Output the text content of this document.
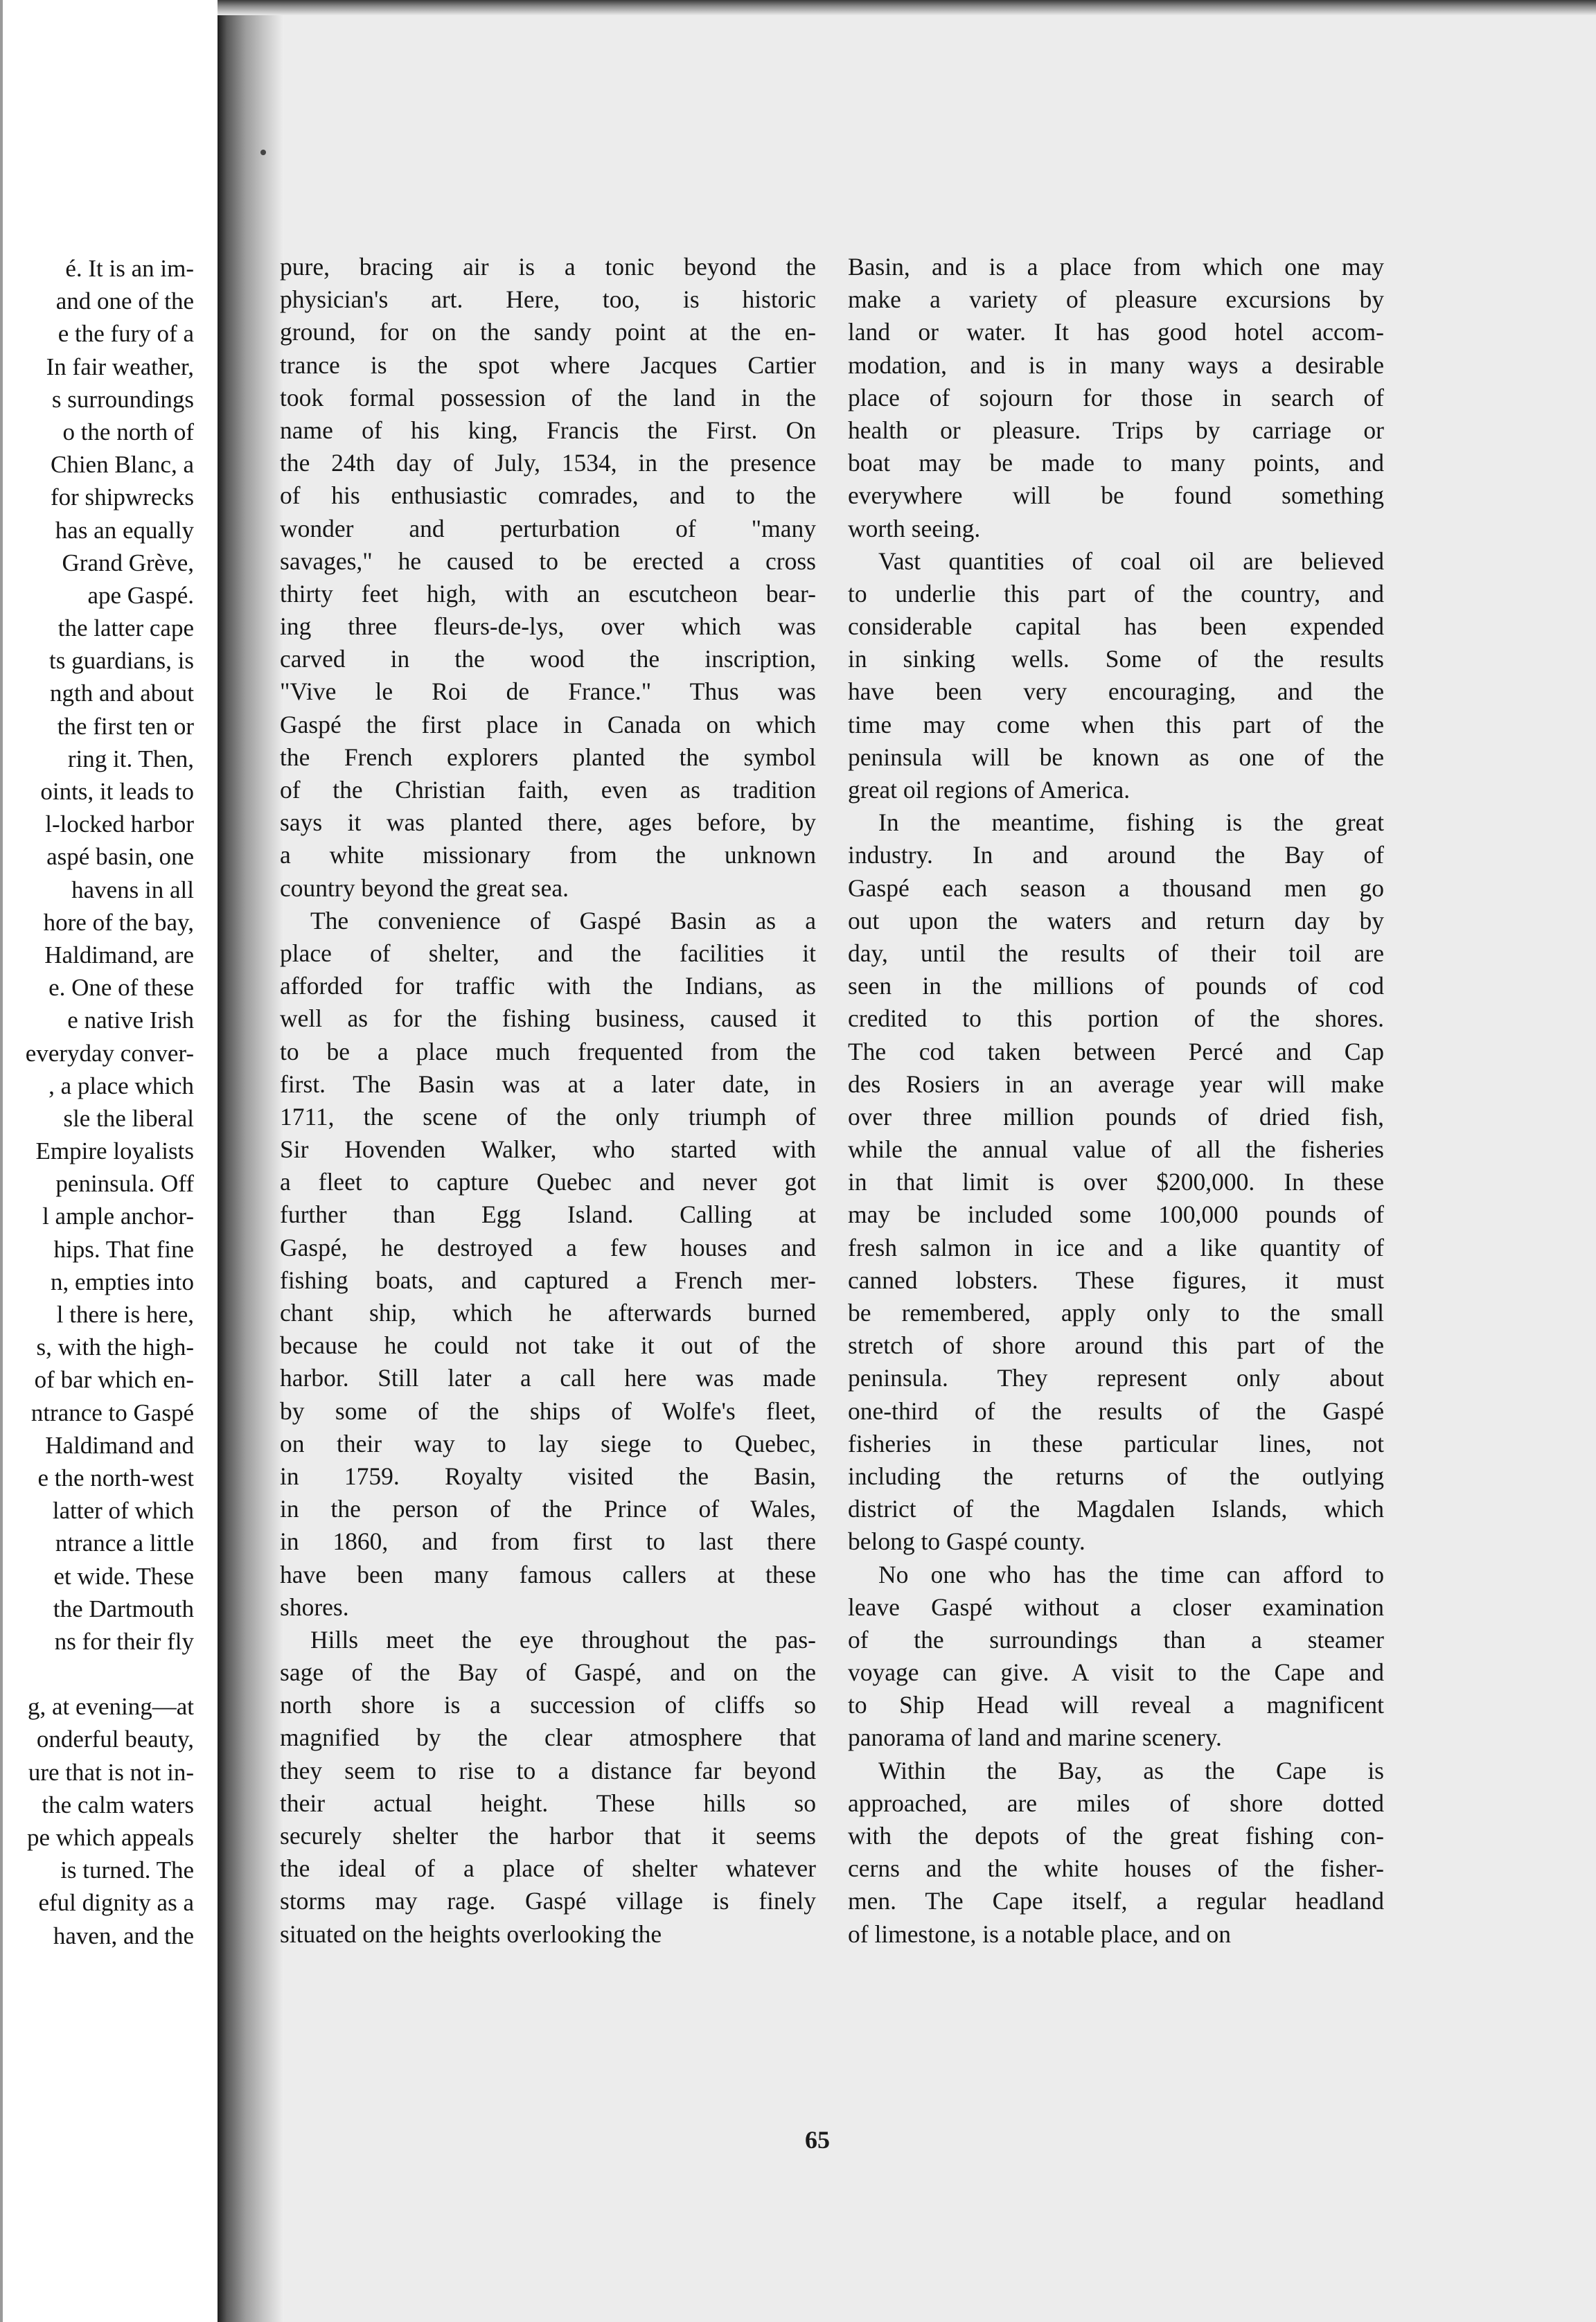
é. It is an im-
and one of the
e the fury of a
In fair weather,
s surroundings
o the north of
Chien Blanc, a
for shipwrecks
has an equally
Grand Grève,
ape Gaspé.
the latter cape
ts guardians, is
ngth and about
the first ten or
ring it. Then,
oints, it leads to
l-locked harbor
aspé basin, one
havens in all
hore of the bay,
Haldimand, are
e. One of these
e native Irish
everyday conver-
, a place which
sle the liberal
Empire loyalists
peninsula. Off
l ample anchor-
hips. That fine
n, empties into
l there is here,
s, with the high-
of bar which en-
ntrance to Gaspé
Haldimand and
e the north-west
latter of which
ntrance a little
et wide. These
the Dartmouth
ns for their fly
g, at evening—at
onderful beauty,
ure that is not in-
the calm waters
pe which appeals
is turned. The
eful dignity as a
haven, and the
pure, bracing air is a tonic beyond the
physician's art. Here, too, is historic
ground, for on the sandy point at the en-
trance is the spot where Jacques Cartier
took formal possession of the land in the
name of his king, Francis the First. On
the 24th day of July, 1534, in the presence
of his enthusiastic comrades, and to the
wonder and perturbation of "many
savages," he caused to be erected a cross
thirty feet high, with an escutcheon bear-
ing three fleurs-de-lys, over which was
carved in the wood the inscription,
"Vive le Roi de France." Thus was
Gaspé the first place in Canada on which
the French explorers planted the symbol
of the Christian faith, even as tradition
says it was planted there, ages before, by
a white missionary from the unknown
country beyond the great sea.
The convenience of Gaspé Basin as a
place of shelter, and the facilities it
afforded for traffic with the Indians, as
well as for the fishing business, caused it
to be a place much frequented from the
first. The Basin was at a later date, in
1711, the scene of the only triumph of
Sir Hovenden Walker, who started with
a fleet to capture Quebec and never got
further than Egg Island. Calling at
Gaspé, he destroyed a few houses and
fishing boats, and captured a French mer-
chant ship, which he afterwards burned
because he could not take it out of the
harbor. Still later a call here was made
by some of the ships of Wolfe's fleet,
on their way to lay siege to Quebec,
in 1759. Royalty visited the Basin,
in the person of the Prince of Wales,
in 1860, and from first to last there
have been many famous callers at these
shores.
Hills meet the eye throughout the pas-
sage of the Bay of Gaspé, and on the
north shore is a succession of cliffs so
magnified by the clear atmosphere that
they seem to rise to a distance far beyond
their actual height. These hills so
securely shelter the harbor that it seems
the ideal of a place of shelter whatever
storms may rage. Gaspé village is finely
situated on the heights overlooking the
Basin, and is a place from which one may
make a variety of pleasure excursions by
land or water. It has good hotel accom-
modation, and is in many ways a desirable
place of sojourn for those in search of
health or pleasure. Trips by carriage or
boat may be made to many points, and
everywhere will be found something
worth seeing.
Vast quantities of coal oil are believed
to underlie this part of the country, and
considerable capital has been expended
in sinking wells. Some of the results
have been very encouraging, and the
time may come when this part of the
peninsula will be known as one of the
great oil regions of America.
In the meantime, fishing is the great
industry. In and around the Bay of
Gaspé each season a thousand men go
out upon the waters and return day by
day, until the results of their toil are
seen in the millions of pounds of cod
credited to this portion of the shores.
The cod taken between Percé and Cap
des Rosiers in an average year will make
over three million pounds of dried fish,
while the annual value of all the fisheries
in that limit is over $200,000. In these
may be included some 100,000 pounds of
fresh salmon in ice and a like quantity of
canned lobsters. These figures, it must
be remembered, apply only to the small
stretch of shore around this part of the
peninsula. They represent only about
one-third of the results of the Gaspé
fisheries in these particular lines, not
including the returns of the outlying
district of the Magdalen Islands, which
belong to Gaspé county.
No one who has the time can afford to
leave Gaspé without a closer examination
of the surroundings than a steamer
voyage can give. A visit to the Cape and
to Ship Head will reveal a magnificent
panorama of land and marine scenery.
Within the Bay, as the Cape is
approached, are miles of shore dotted
with the depots of the great fishing con-
cerns and the white houses of the fisher-
men. The Cape itself, a regular headland
of limestone, is a notable place, and on
65
